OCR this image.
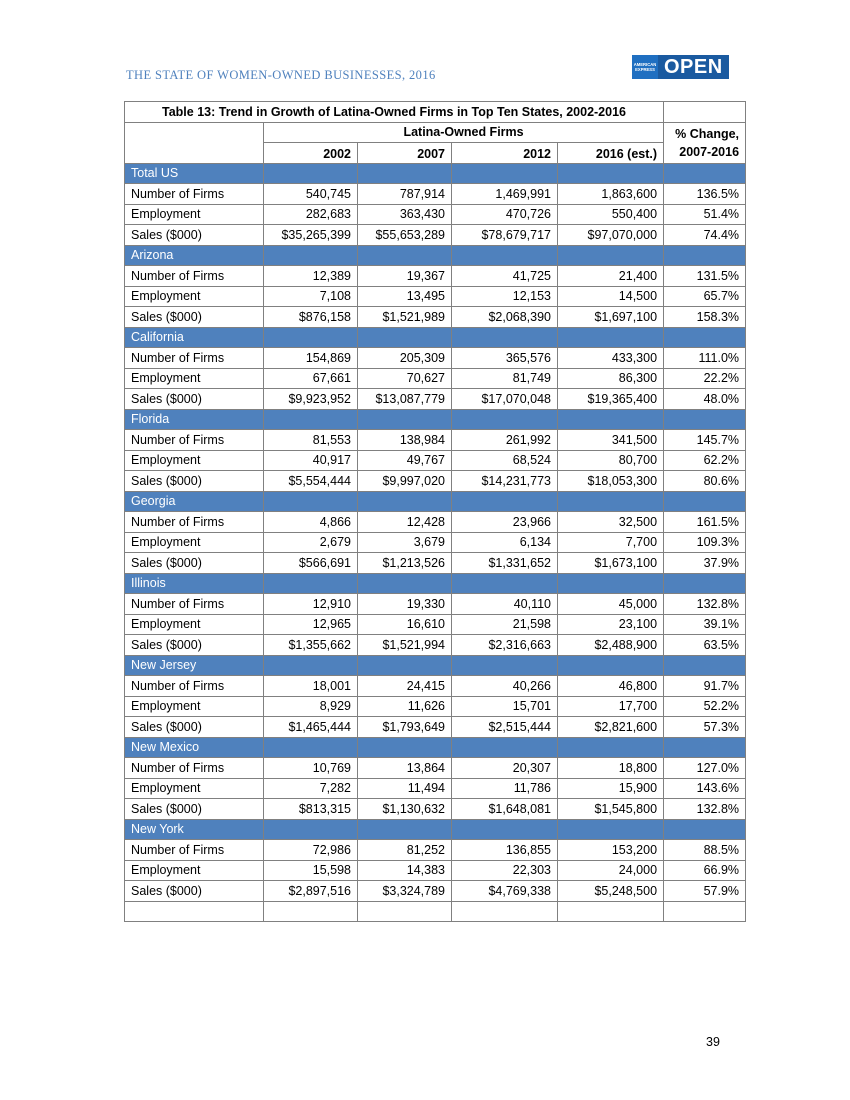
THE STATE OF WOMEN-OWNED BUSINESSES, 2016
AMERICAN EXPRESS OPEN
Table 13: Trend in Growth of Latina-Owned Firms in Top Ten States, 2002-2016					
	Latina-Owned Firms				% Change,
2007-2016
	2002	2007	2012	2016 (est.)	
Total US					
Number of Firms	540,745	787,914	1,469,991	1,863,600	136.5%
Employment	282,683	363,430	470,726	550,400	51.4%
Sales ($000)	$35,265,399	$55,653,289	$78,679,717	$97,070,000	74.4%
Arizona					
Number of Firms	12,389	19,367	41,725	21,400	131.5%
Employment	7,108	13,495	12,153	14,500	65.7%
Sales ($000)	$876,158	$1,521,989	$2,068,390	$1,697,100	158.3%
California					
Number of Firms	154,869	205,309	365,576	433,300	111.0%
Employment	67,661	70,627	81,749	86,300	22.2%
Sales ($000)	$9,923,952	$13,087,779	$17,070,048	$19,365,400	48.0%
Florida					
Number of Firms	81,553	138,984	261,992	341,500	145.7%
Employment	40,917	49,767	68,524	80,700	62.2%
Sales ($000)	$5,554,444	$9,997,020	$14,231,773	$18,053,300	80.6%
Georgia					
Number of Firms	4,866	12,428	23,966	32,500	161.5%
Employment	2,679	3,679	6,134	7,700	109.3%
Sales ($000)	$566,691	$1,213,526	$1,331,652	$1,673,100	37.9%
Illinois					
Number of Firms	12,910	19,330	40,110	45,000	132.8%
Employment	12,965	16,610	21,598	23,100	39.1%
Sales ($000)	$1,355,662	$1,521,994	$2,316,663	$2,488,900	63.5%
New Jersey					
Number of Firms	18,001	24,415	40,266	46,800	91.7%
Employment	8,929	11,626	15,701	17,700	52.2%
Sales ($000)	$1,465,444	$1,793,649	$2,515,444	$2,821,600	57.3%
New Mexico					
Number of Firms	10,769	13,864	20,307	18,800	127.0%
Employment	7,282	11,494	11,786	15,900	143.6%
Sales ($000)	$813,315	$1,130,632	$1,648,081	$1,545,800	132.8%
New York					
Number of Firms	72,986	81,252	136,855	153,200	88.5%
Employment	15,598	14,383	22,303	24,000	66.9%
Sales ($000)	$2,897,516	$3,324,789	$4,769,338	$5,248,500	57.9%

39
